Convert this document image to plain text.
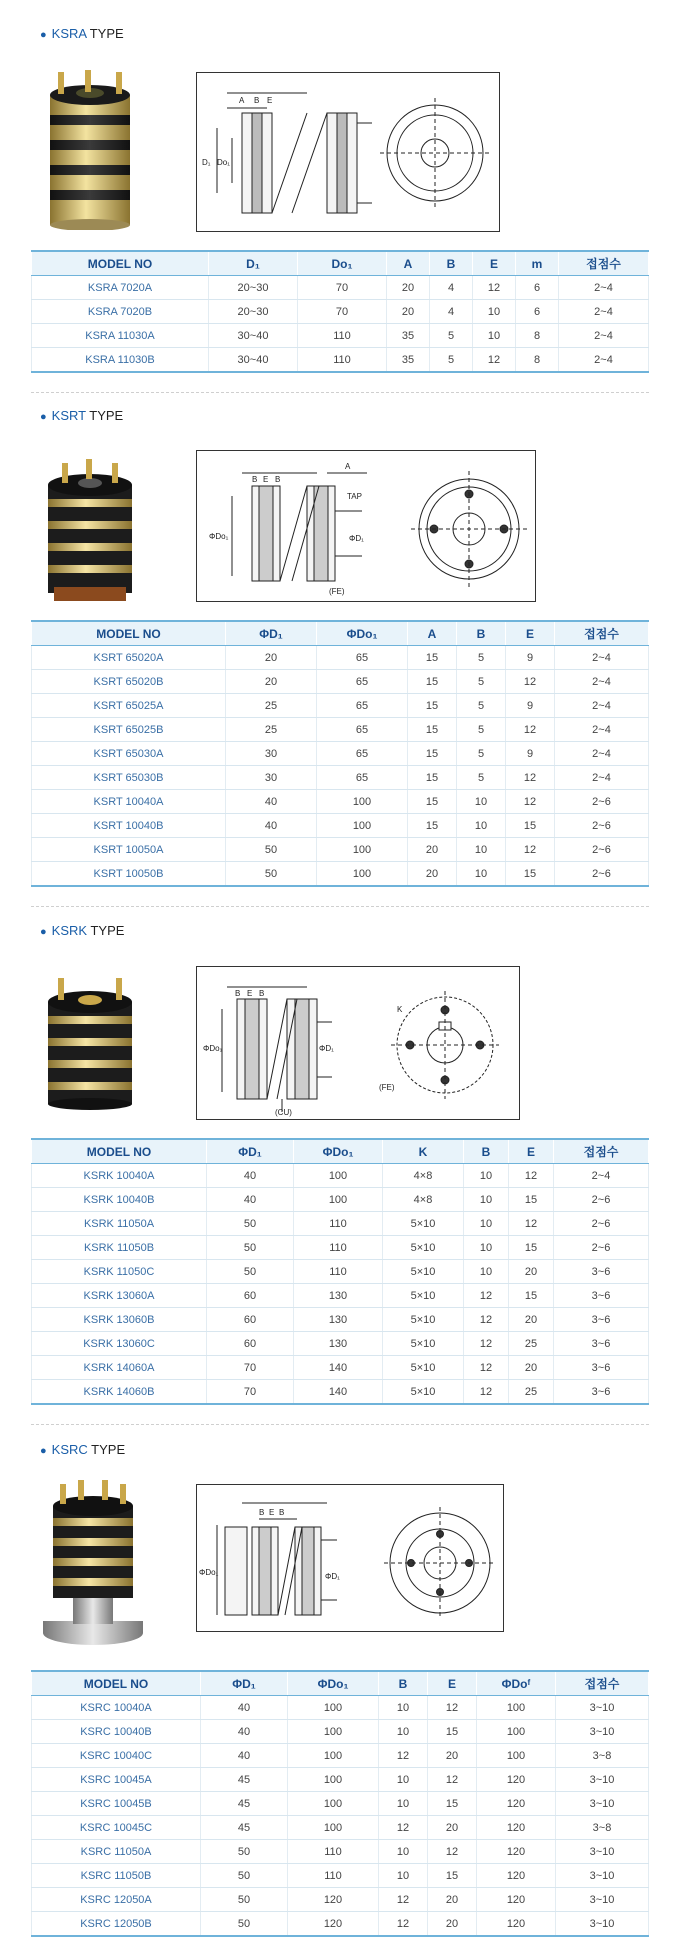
● KSRA TYPE
A B E
D₁ Do₁
MODEL NO	D₁	Do₁	A	B	E	m	접점수
KSRA 7020A	20~30	70	20	4	12	6	2~4
KSRA 7020B	20~30	70	20	4	10	6	2~4
KSRA 11030A	30~40	110	35	5	10	8	2~4
KSRA 11030B	30~40	110	35	5	12	8	2~4
● KSRT TYPE
B E B
A
TAP
ΦDo₁	ΦD₁
(FE)
MODEL NO	ΦD₁	ΦDo₁	A	B	E	접점수
KSRT 65020A	20	65	15	5	9	2~4
KSRT 65020B	20	65	15	5	12	2~4
KSRT 65025A	25	65	15	5	9	2~4
KSRT 65025B	25	65	15	5	12	2~4
KSRT 65030A	30	65	15	5	9	2~4
KSRT 65030B	30	65	15	5	12	2~4
KSRT 10040A	40	100	15	10	12	2~6
KSRT 10040B	40	100	15	10	15	2~6
KSRT 10050A	50	100	20	10	12	2~6
KSRT 10050B	50	100	20	10	15	2~6
● KSRK TYPE
B E B
K
ΦDo₁	ΦD₁
(FE)
(CU)
MODEL NO	ΦD₁	ΦDo₁	K	B	E	접점수
KSRK 10040A	40	100	4×8	10	12	2~4
KSRK 10040B	40	100	4×8	10	15	2~6
KSRK 11050A	50	110	5×10	10	12	2~6
KSRK 11050B	50	110	5×10	10	15	2~6
KSRK 11050C	50	110	5×10	10	20	3~6
KSRK 13060A	60	130	5×10	12	15	3~6
KSRK 13060B	60	130	5×10	12	20	3~6
KSRK 13060C	60	130	5×10	12	25	3~6
KSRK 14060A	70	140	5×10	12	20	3~6
KSRK 14060B	70	140	5×10	12	25	3~6
● KSRC TYPE
B E B
ΦDo₁	ΦD₁
MODEL NO	ΦD₁	ΦDo₁	B	E	ΦDoᶠ	접점수
KSRC 10040A	40	100	10	12	100	3~10
KSRC 10040B	40	100	10	15	100	3~10
KSRC 10040C	40	100	12	20	100	3~8
KSRC 10045A	45	100	10	12	120	3~10
KSRC 10045B	45	100	10	15	120	3~10
KSRC 10045C	45	100	12	20	120	3~8
KSRC 11050A	50	110	10	12	120	3~10
KSRC 11050B	50	110	10	15	120	3~10
KSRC 12050A	50	120	12	20	120	3~10
KSRC 12050B	50	120	12	20	120	3~10
